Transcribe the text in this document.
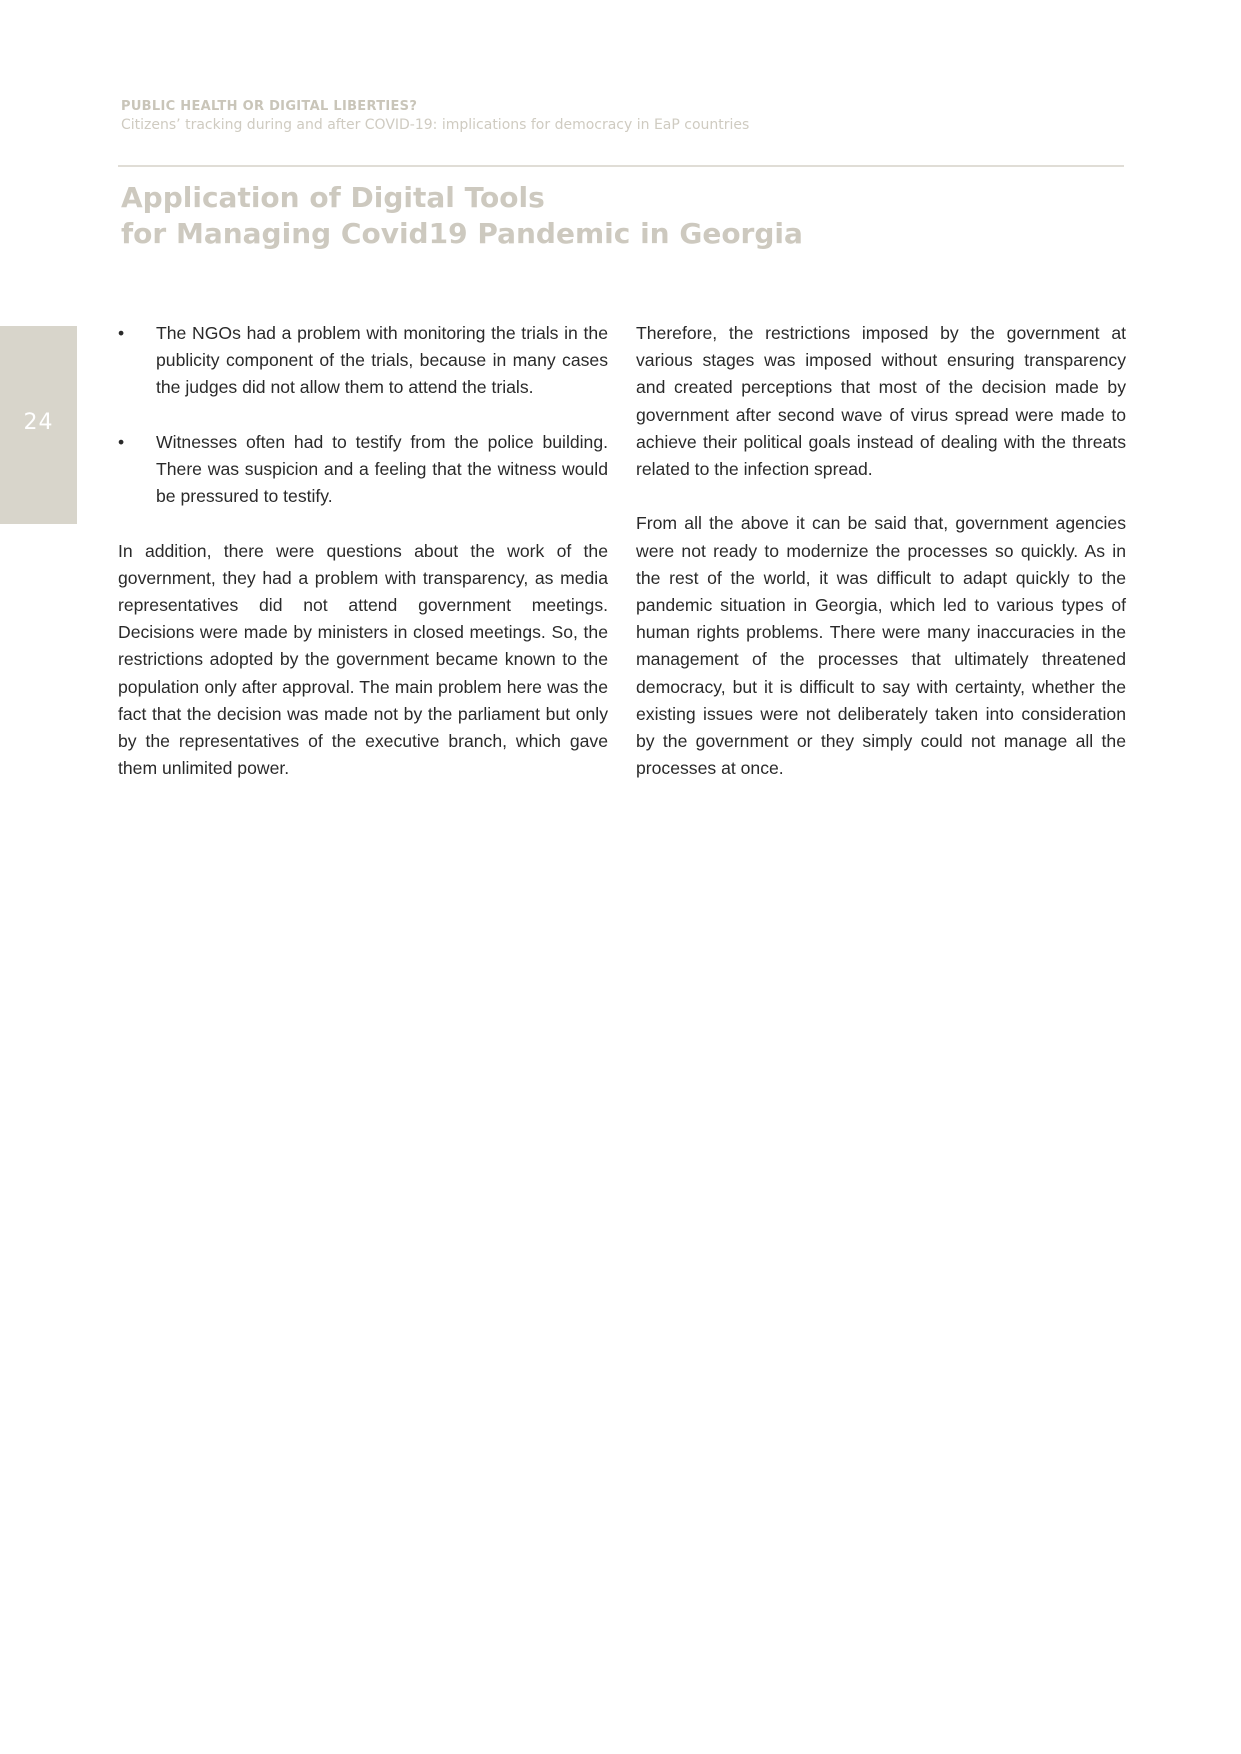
PUBLIC HEALTH OR DIGITAL LIBERTIES?
Citizens’ tracking during and after COVID-19: implications for democracy in EaP countries
Application of Digital Tools
for Managing Covid19 Pandemic in Georgia
24
•	The NGOs had a problem with monitoring the trials in the publicity component of the trials, because in many cases the judges did not allow them to attend the trials.
•	Witnesses often had to testify from the police building. There was suspicion and a feeling that the witness would be pressured to testify.

In addition, there were questions about the work of the government, they had a problem with transparency, as media representatives did not attend government meetings. Decisions were made by ministers in closed meetings. So, the restrictions adopted by the government became known to the population only after approval. The main problem here was the fact that the decision was made not by the parliament but only by the representatives of the executive branch, which gave them unlimited power.

Therefore, the restrictions imposed by the government at various stages was imposed without ensuring transparency and created perceptions that most of the decision made by government after second wave of virus spread were made to achieve their political goals instead of dealing with the threats related to the infection spread.

From all the above it can be said that, government agencies were not ready to modernize the processes so quickly. As in the rest of the world, it was difficult to adapt quickly to the pandemic situation in Georgia, which led to various types of human rights problems. There were many inaccuracies in the management of the processes that ultimately threatened democracy, but it is difficult to say with certainty, whether the existing issues were not deliberately taken into consideration by the government or they simply could not manage all the processes at once.
